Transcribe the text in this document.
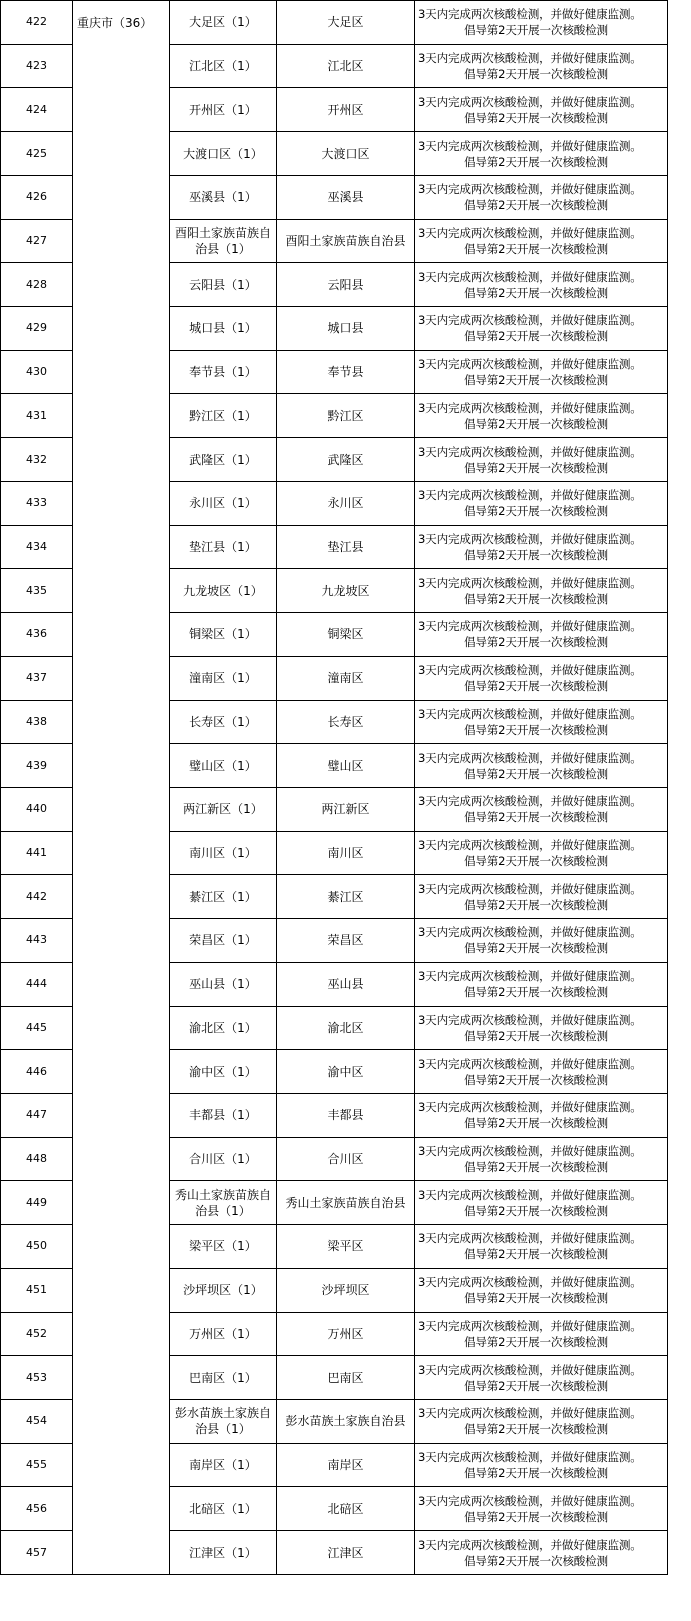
422	重庆市（36）	大足区（1）	大足区	3天内完成两次核酸检测，并做好健康监测。
倡导第2天开展一次核酸检测

423		江北区（1）	江北区	3天内完成两次核酸检测，并做好健康监测。
倡导第2天开展一次核酸检测

424		开州区（1）	开州区	3天内完成两次核酸检测，并做好健康监测。
倡导第2天开展一次核酸检测

425		大渡口区（1）	大渡口区	3天内完成两次核酸检测，并做好健康监测。
倡导第2天开展一次核酸检测

426		巫溪县（1）	巫溪县	3天内完成两次核酸检测，并做好健康监测。
倡导第2天开展一次核酸检测

427		酉阳土家族苗族自治县（1）	酉阳土家族苗族自治县	3天内完成两次核酸检测，并做好健康监测。
倡导第2天开展一次核酸检测

428		云阳县（1）	云阳县	3天内完成两次核酸检测，并做好健康监测。
倡导第2天开展一次核酸检测

429		城口县（1）	城口县	3天内完成两次核酸检测，并做好健康监测。
倡导第2天开展一次核酸检测

430		奉节县（1）	奉节县	3天内完成两次核酸检测，并做好健康监测。
倡导第2天开展一次核酸检测

431		黔江区（1）	黔江区	3天内完成两次核酸检测，并做好健康监测。
倡导第2天开展一次核酸检测

432		武隆区（1）	武隆区	3天内完成两次核酸检测，并做好健康监测。
倡导第2天开展一次核酸检测

433		永川区（1）	永川区	3天内完成两次核酸检测，并做好健康监测。
倡导第2天开展一次核酸检测

434		垫江县（1）	垫江县	3天内完成两次核酸检测，并做好健康监测。
倡导第2天开展一次核酸检测

435		九龙坡区（1）	九龙坡区	3天内完成两次核酸检测，并做好健康监测。
倡导第2天开展一次核酸检测

436		铜梁区（1）	铜梁区	3天内完成两次核酸检测，并做好健康监测。
倡导第2天开展一次核酸检测

437		潼南区（1）	潼南区	3天内完成两次核酸检测，并做好健康监测。
倡导第2天开展一次核酸检测

438		长寿区（1）	长寿区	3天内完成两次核酸检测，并做好健康监测。
倡导第2天开展一次核酸检测

439		璧山区（1）	璧山区	3天内完成两次核酸检测，并做好健康监测。
倡导第2天开展一次核酸检测

440		两江新区（1）	两江新区	3天内完成两次核酸检测，并做好健康监测。
倡导第2天开展一次核酸检测

441		南川区（1）	南川区	3天内完成两次核酸检测，并做好健康监测。
倡导第2天开展一次核酸检测

442		綦江区（1）	綦江区	3天内完成两次核酸检测，并做好健康监测。
倡导第2天开展一次核酸检测

443		荣昌区（1）	荣昌区	3天内完成两次核酸检测，并做好健康监测。
倡导第2天开展一次核酸检测

444		巫山县（1）	巫山县	3天内完成两次核酸检测，并做好健康监测。
倡导第2天开展一次核酸检测

445		渝北区（1）	渝北区	3天内完成两次核酸检测，并做好健康监测。
倡导第2天开展一次核酸检测

446		渝中区（1）	渝中区	3天内完成两次核酸检测，并做好健康监测。
倡导第2天开展一次核酸检测

447		丰都县（1）	丰都县	3天内完成两次核酸检测，并做好健康监测。
倡导第2天开展一次核酸检测

448		合川区（1）	合川区	3天内完成两次核酸检测，并做好健康监测。
倡导第2天开展一次核酸检测

449		秀山土家族苗族自治县（1）	秀山土家族苗族自治县	3天内完成两次核酸检测，并做好健康监测。
倡导第2天开展一次核酸检测

450		梁平区（1）	梁平区	3天内完成两次核酸检测，并做好健康监测。
倡导第2天开展一次核酸检测

451		沙坪坝区（1）	沙坪坝区	3天内完成两次核酸检测，并做好健康监测。
倡导第2天开展一次核酸检测

452		万州区（1）	万州区	3天内完成两次核酸检测，并做好健康监测。
倡导第2天开展一次核酸检测

453		巴南区（1）	巴南区	3天内完成两次核酸检测，并做好健康监测。
倡导第2天开展一次核酸检测

454		彭水苗族土家族自治县（1）	彭水苗族土家族自治县	3天内完成两次核酸检测，并做好健康监测。
倡导第2天开展一次核酸检测

455		南岸区（1）	南岸区	3天内完成两次核酸检测，并做好健康监测。
倡导第2天开展一次核酸检测

456		北碚区（1）	北碚区	3天内完成两次核酸检测，并做好健康监测。
倡导第2天开展一次核酸检测

457		江津区（1）	江津区	3天内完成两次核酸检测，并做好健康监测。
倡导第2天开展一次核酸检测
